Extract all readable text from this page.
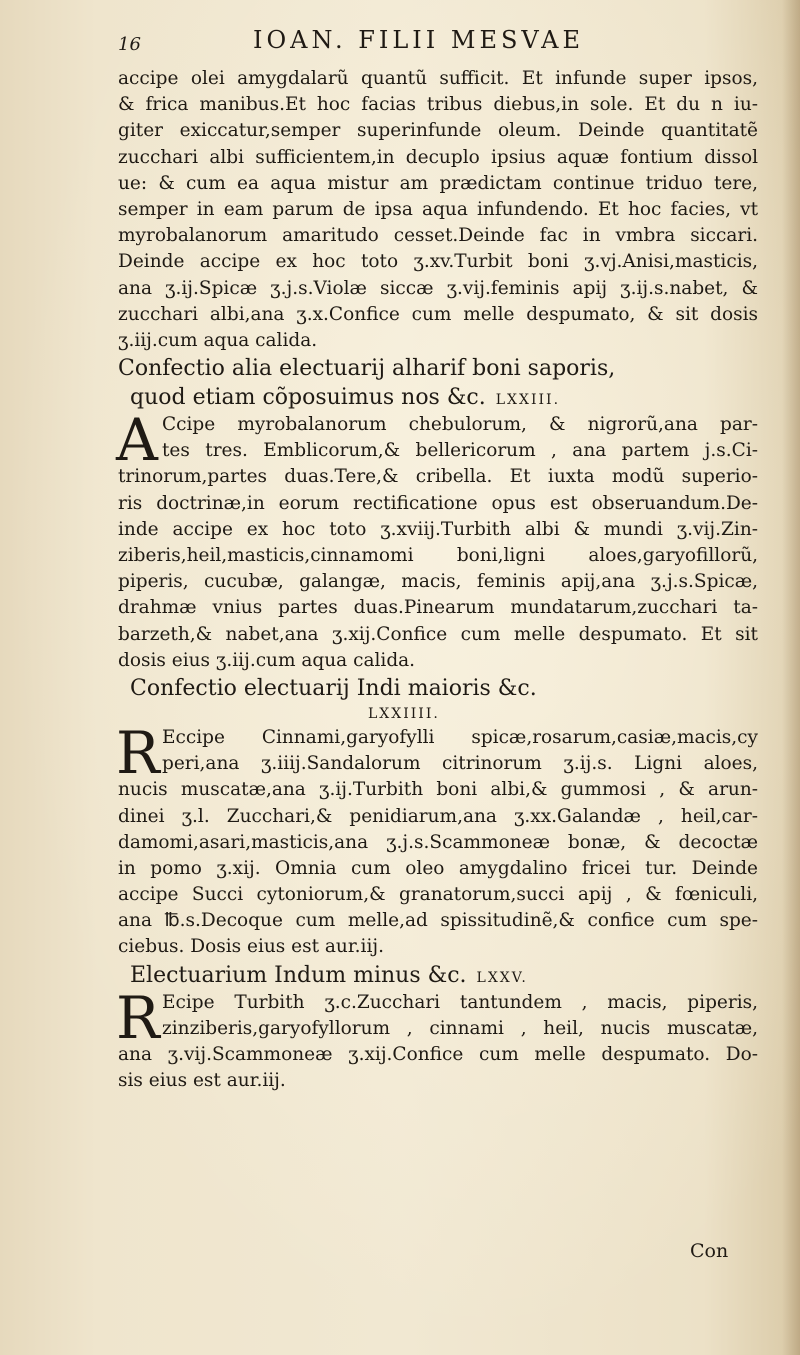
16	IOAN. FILII MESVAE
accipe olei amygdalarũ quantũ sufficit. Et infunde super ipsos,
& frica manibus.Et hoc facias tribus diebus,in sole. Et du n iu-
giter exiccatur,semper superinfunde oleum. Deinde quantitatẽ
zucchari albi sufficientem,in decuplo ipsius aquæ fontium dissol
ue: & cum ea aqua mistur am prædictam continue triduo tere,
semper in eam parum de ipsa aqua infundendo. Et hoc facies, vt
myrobalanorum amaritudo cesset.Deinde fac in vmbra siccari.
Deinde accipe ex hoc toto ʒ.xv.Turbit boni ʒ.vj.Anisi,masticis,
ana ʒ.ij.Spicæ ʒ.j.s.Violæ siccæ ʒ.vij.feminis apij ʒ.ij.s.nabet, &
zucchari albi,ana ʒ.x.Confice cum melle despumato, & sit dosis
ʒ.iij.cum aqua calida.
Confectio alia electuarij alharif boni saporis,
quod etiam cõposuimus nos &c. LXXIII.
A Ccipe myrobalanorum chebulorum, & nigrorũ,ana par-
tes tres. Emblicorum,& bellericorum , ana partem j.s.Ci-
trinorum,partes duas.Tere,& cribella. Et iuxta modũ superio-
ris doctrinæ,in eorum rectificatione opus est obseruandum.De-
inde accipe ex hoc toto ʒ.xviij.Turbith albi & mundi ʒ.vij.Zin-
ziberis,heil,masticis,cinnamomi boni,ligni aloes,garyofillorũ,
piperis, cucubæ, galangæ, macis, feminis apij,ana ʒ.j.s.Spicæ,
drahmæ vnius partes duas.Pinearum mundatarum,zucchari ta-
barzeth,& nabet,ana ʒ.xij.Confice cum melle despumato. Et sit
dosis eius ʒ.iij.cum aqua calida.
Confectio electuarij Indi maioris &c.
LXXIIII.
R Eccipe Cinnami,garyofylli spicæ,rosarum,casiæ,macis,cy
peri,ana ʒ.iiij.Sandalorum citrinorum ʒ.ij.s. Ligni aloes,
nucis muscatæ,ana ʒ.ij.Turbith boni albi,& gummosi , & arun-
dinei ʒ.l. Zucchari,& penidiarum,ana ʒ.xx.Galandæ , heil,car-
damomi,asari,masticis,ana ʒ.j.s.Scammoneæ bonæ, & decoctæ
in pomo ʒ.xij. Omnia cum oleo amygdalino fricei tur. Deinde
accipe Succi cytoniorum,& granatorum,succi apij , & fœniculi,
ana ℔.s.Decoque cum melle,ad spissitudinẽ,& confice cum spe-
ciebus. Dosis eius est aur.iij.
Electuarium Indum minus &c. LXXV.
R Ecipe Turbith ʒ.c.Zucchari tantundem , macis, piperis,
zinziberis,garyofyllorum , cinnami , heil, nucis muscatæ,
ana ʒ.vij.Scammoneæ ʒ.xij.Confice cum melle despumato. Do-
sis eius est aur.iij.
Con
